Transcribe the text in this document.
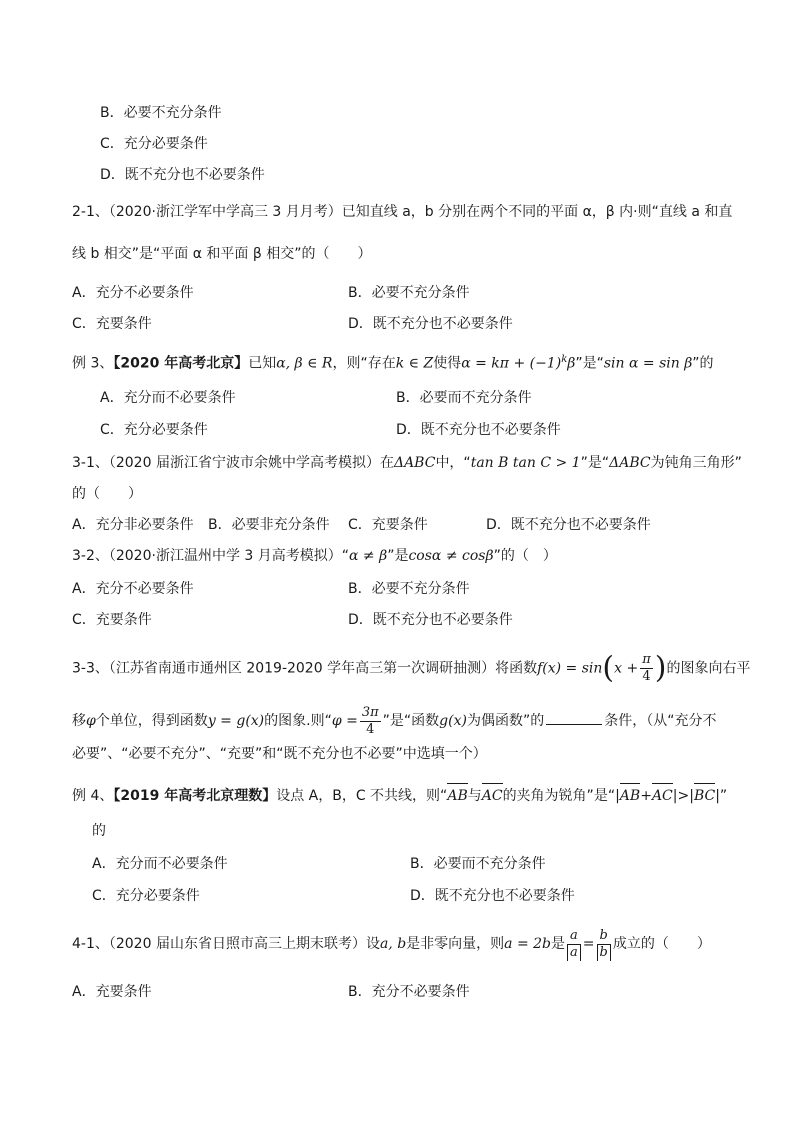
B．必要不充分条件
C．充分必要条件
D．既不充分也不必要条件
2-1、（2020·浙江学军中学高三 3 月月考）已知直线 a，b 分别在两个不同的平面 α，β 内·则“直线 a 和直
线 b 相交”是“平面 α 和平面 β 相交”的（　　）
A．充分不必要条件	B．必要不充分条件
C．充要条件	D．既不充分也不必要条件
例 3、【2020 年高考北京】已知α, β ∈ R，则“存在k ∈ Z使得$\alpha = k\pi + (-1)^k\beta$”是“sin α = sin β”的
A．充分而不必要条件	B．必要而不充分条件
C．充分必要条件	D．既不充分也不必要条件
3-1、（2020 届浙江省宁波市余姚中学高考模拟）在ΔABC中，“tan B tan C > 1”是“ΔABC为钝角三角形”
的（　　）
A．充分非必要条件 B．必要非充分条件 C．充要条件	D．既不充分也不必要条件
3-2、（2020·浙江温州中学 3 月高考模拟）“α ≠ β”是cosα ≠ cosβ”的（　）
A．充分不必要条件	B．必要不充分条件
C．充要条件	D．既不充分也不必要条件
3-3、（江苏省南通市通州区 2019-2020 学年高三第一次调研抽测）将函数$f(x) = \sin(x + \frac{\pi}{4}$ )的图象向右平
移φ个单位，得到函数y = g(x)的图象.则“$\varphi = \frac{3\pi}{4}$ ”是“函数g(x)为偶函数”的	条件，（从“充分不
必要”、“必要不充分”、“充要”和“既不充分也不必要”中选填一个）
例 4、【2019 年高考北京理数】设点 A，B，C 不共线，则“AB与AC的夹角为锐角”是“|AB+AC|>|BC|”
的
A．充分而不必要条件	B．必要而不充分条件
C．充分必要条件	D．既不充分也不必要条件
4-1、（2020 届山东省日照市高三上期末联考）设a, b是非零向量，则a = 2b是 $\frac{a}{a} = \frac{b}{b}$ 成立的（　　）
A．充要条件	B．充分不必要条件
